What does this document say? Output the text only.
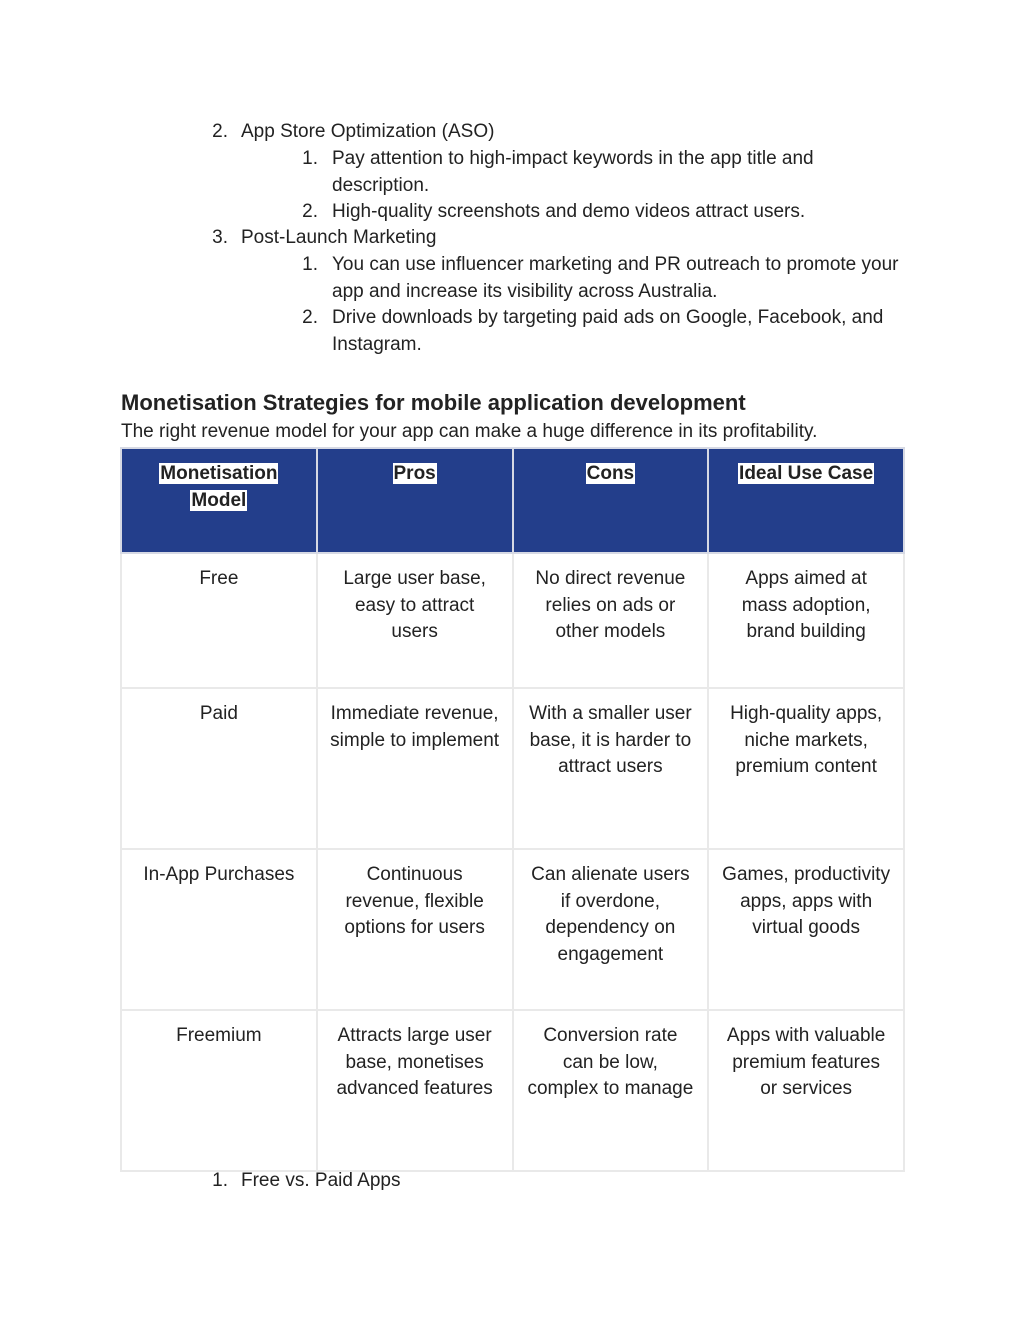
2. App Store Optimization (ASO)
1. Pay attention to high-impact keywords in the app title and description.
2. High-quality screenshots and demo videos attract users.
3. Post-Launch Marketing
1. You can use influencer marketing and PR outreach to promote your app and increase its visibility across Australia.
2. Drive downloads by targeting paid ads on Google, Facebook, and Instagram.
Monetisation Strategies for mobile application development
The right revenue model for your app can make a huge difference in its profitability.
Monetisation Model	Pros	Cons	Ideal Use Case
Free	Large user base, easy to attract users	No direct revenue relies on ads or other models	Apps aimed at mass adoption, brand building
Paid	Immediate revenue, simple to implement	With a smaller user base, it is harder to attract users	High-quality apps, niche markets, premium content
In-App Purchases	Continuous revenue, flexible options for users	Can alienate users if overdone, dependency on engagement	Games, productivity apps, apps with virtual goods
Freemium	Attracts large user base, monetises advanced features	Conversion rate can be low, complex to manage	Apps with valuable premium features or services
1. Free vs. Paid Apps
